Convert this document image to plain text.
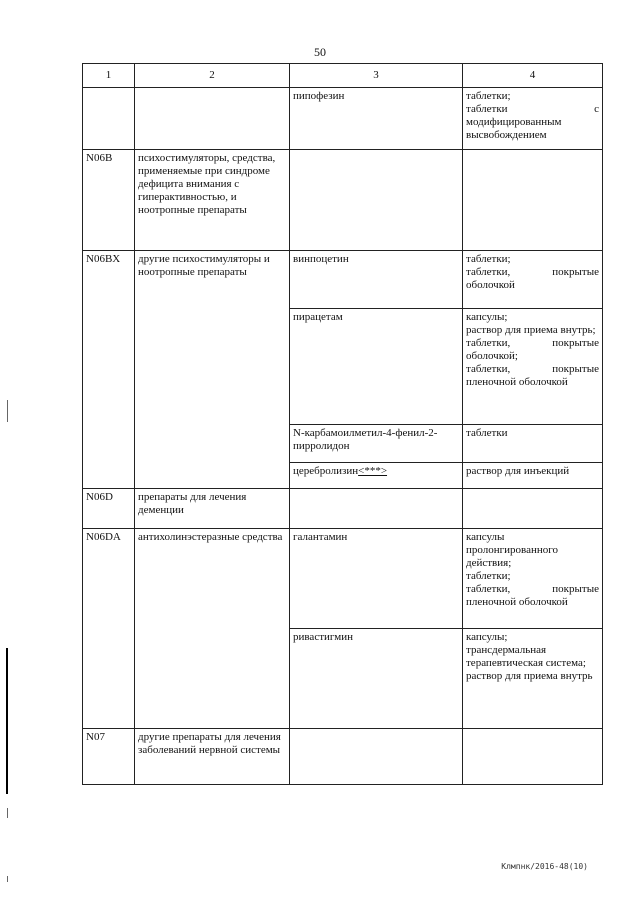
50
1	2	3	4
		пипофезин	таблетки;
таблетки с модифицированным высвобождением

N06B	психостимуляторы, средства, применяемые при синдроме дефицита внимания с гиперактивностью, и ноотропные препараты		
N06BX	другие психостимуляторы и ноотропные препараты	винпоцетин	таблетки;
таблетки, покрытые оболочкой

		пирацетам	капсулы;
раствор для приема внутрь;
таблетки, покрытые оболочкой;
таблетки, покрытые пленочной оболочкой

		N-карбамоилметил-4-фенил-2-пирролидон	таблетки

		церебролизин<***>	раствор для инъекций

N06D	препараты для лечения деменции		
N06DA	антихолинэстеразные средства	галантамин	капсулы пролонгированного действия;
таблетки;
таблетки, покрытые пленочной оболочкой

		ривастигмин	капсулы;
трансдермальная терапевтическая система;
раствор для приема внутрь

N07	другие препараты для лечения заболеваний нервной системы		
Клмпнк/2016-48(10)
